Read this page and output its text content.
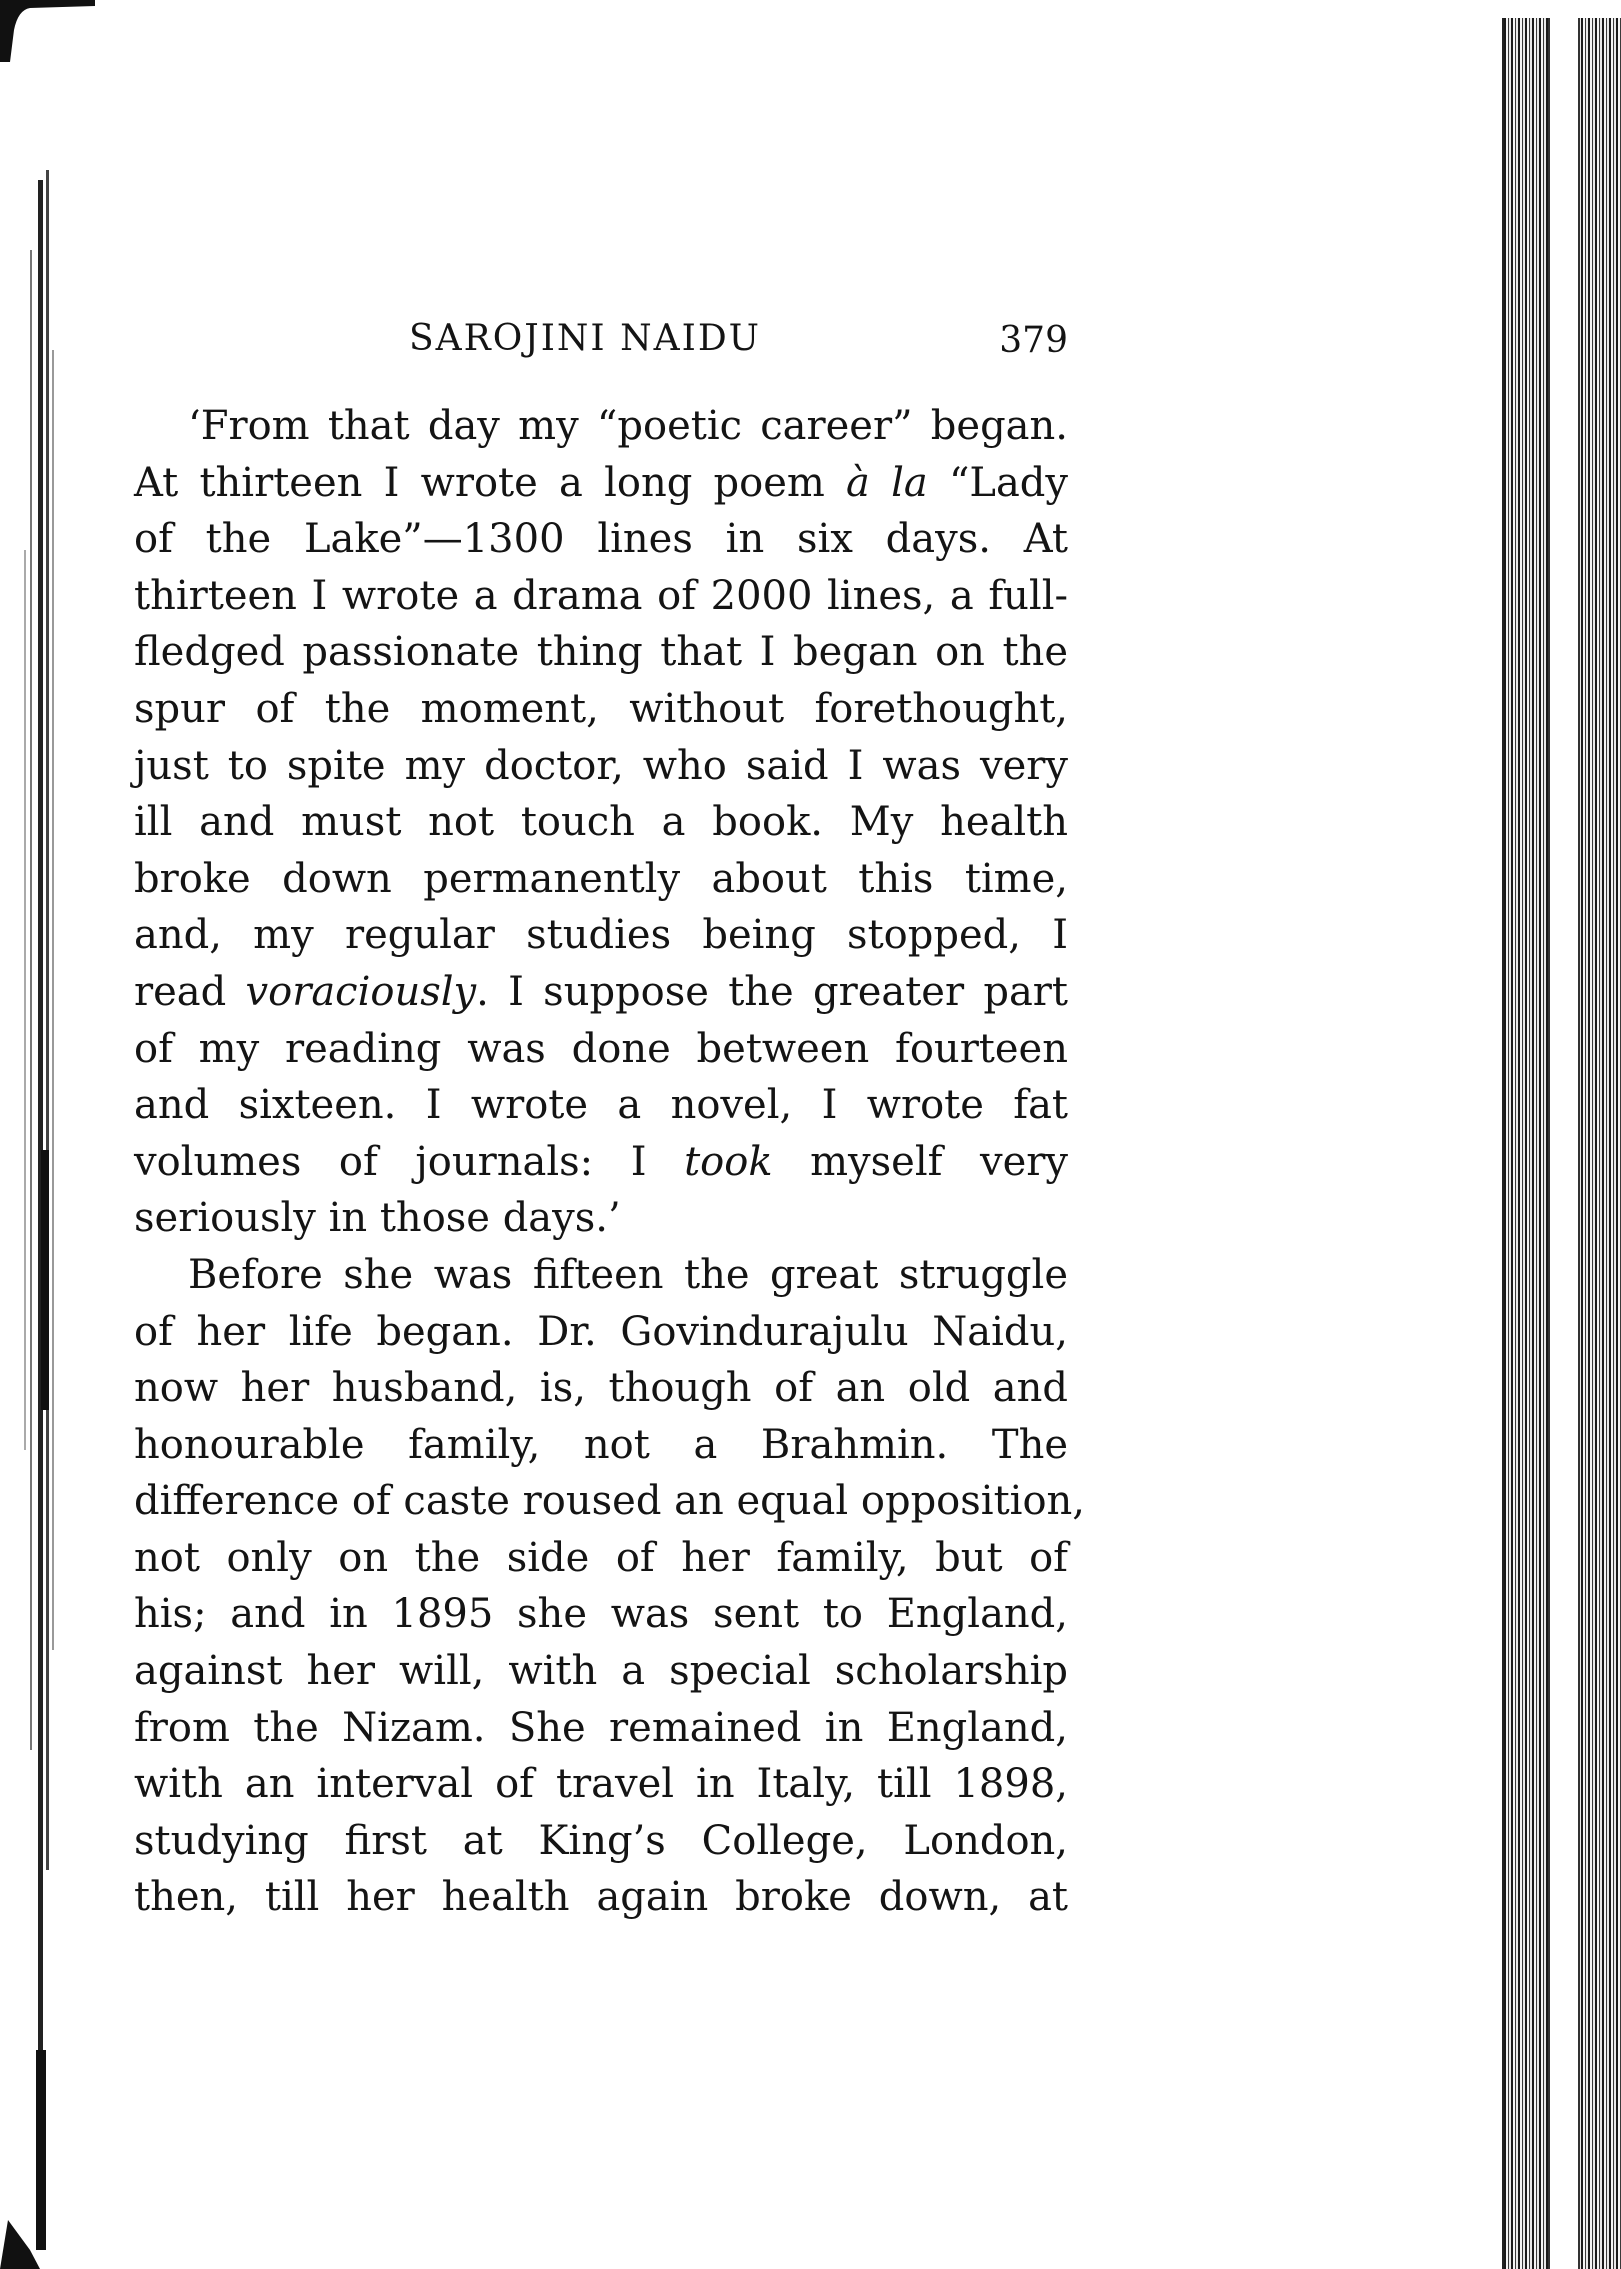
SAROJINI NAIDU	379

‘From that day my “poetic career” began.
At thirteen I wrote a long poem à la “Lady
of the Lake”—1300 lines in six days. At
thirteen I wrote a drama of 2000 lines, a full-
fledged passionate thing that I began on the
spur of the moment, without forethought,
just to spite my doctor, who said I was very
ill and must not touch a book. My health
broke down permanently about this time,
and, my regular studies being stopped, I
read voraciously. I suppose the greater part
of my reading was done between fourteen
and sixteen. I wrote a novel, I wrote fat
volumes of journals: I took myself very
seriously in those days.’

Before she was fifteen the great struggle
of her life began. Dr. Govindurajulu Naidu,
now her husband, is, though of an old and
honourable family, not a Brahmin. The
difference of caste roused an equal opposition,
not only on the side of her family, but of
his; and in 1895 she was sent to England,
against her will, with a special scholarship
from the Nizam. She remained in England,
with an interval of travel in Italy, till 1898,
studying first at King’s College, London,
then, till her health again broke down, at
